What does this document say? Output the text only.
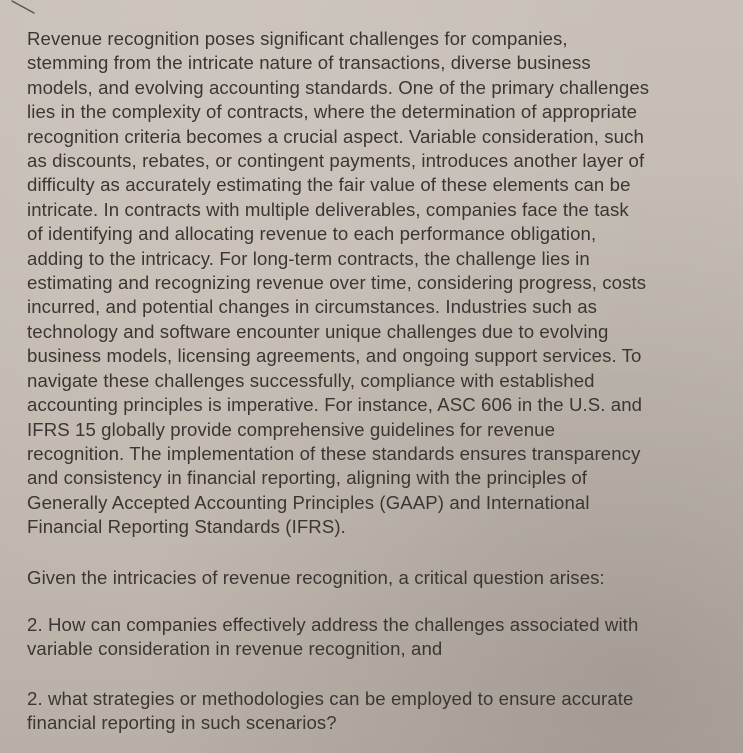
Revenue recognition poses significant challenges for companies,
stemming from the intricate nature of transactions, diverse business
models, and evolving accounting standards. One of the primary challenges
lies in the complexity of contracts, where the determination of appropriate
recognition criteria becomes a crucial aspect. Variable consideration, such
as discounts, rebates, or contingent payments, introduces another layer of
difficulty as accurately estimating the fair value of these elements can be
intricate. In contracts with multiple deliverables, companies face the task
of identifying and allocating revenue to each performance obligation,
adding to the intricacy. For long-term contracts, the challenge lies in
estimating and recognizing revenue over time, considering progress, costs
incurred, and potential changes in circumstances. Industries such as
technology and software encounter unique challenges due to evolving
business models, licensing agreements, and ongoing support services. To
navigate these challenges successfully, compliance with established
accounting principles is imperative. For instance, ASC 606 in the U.S. and
IFRS 15 globally provide comprehensive guidelines for revenue
recognition. The implementation of these standards ensures transparency
and consistency in financial reporting, aligning with the principles of
Generally Accepted Accounting Principles (GAAP) and International
Financial Reporting Standards (IFRS).
Given the intricacies of revenue recognition, a critical question arises:
2. How can companies effectively address the challenges associated with
variable consideration in revenue recognition, and
2. what strategies or methodologies can be employed to ensure accurate
financial reporting in such scenarios?
